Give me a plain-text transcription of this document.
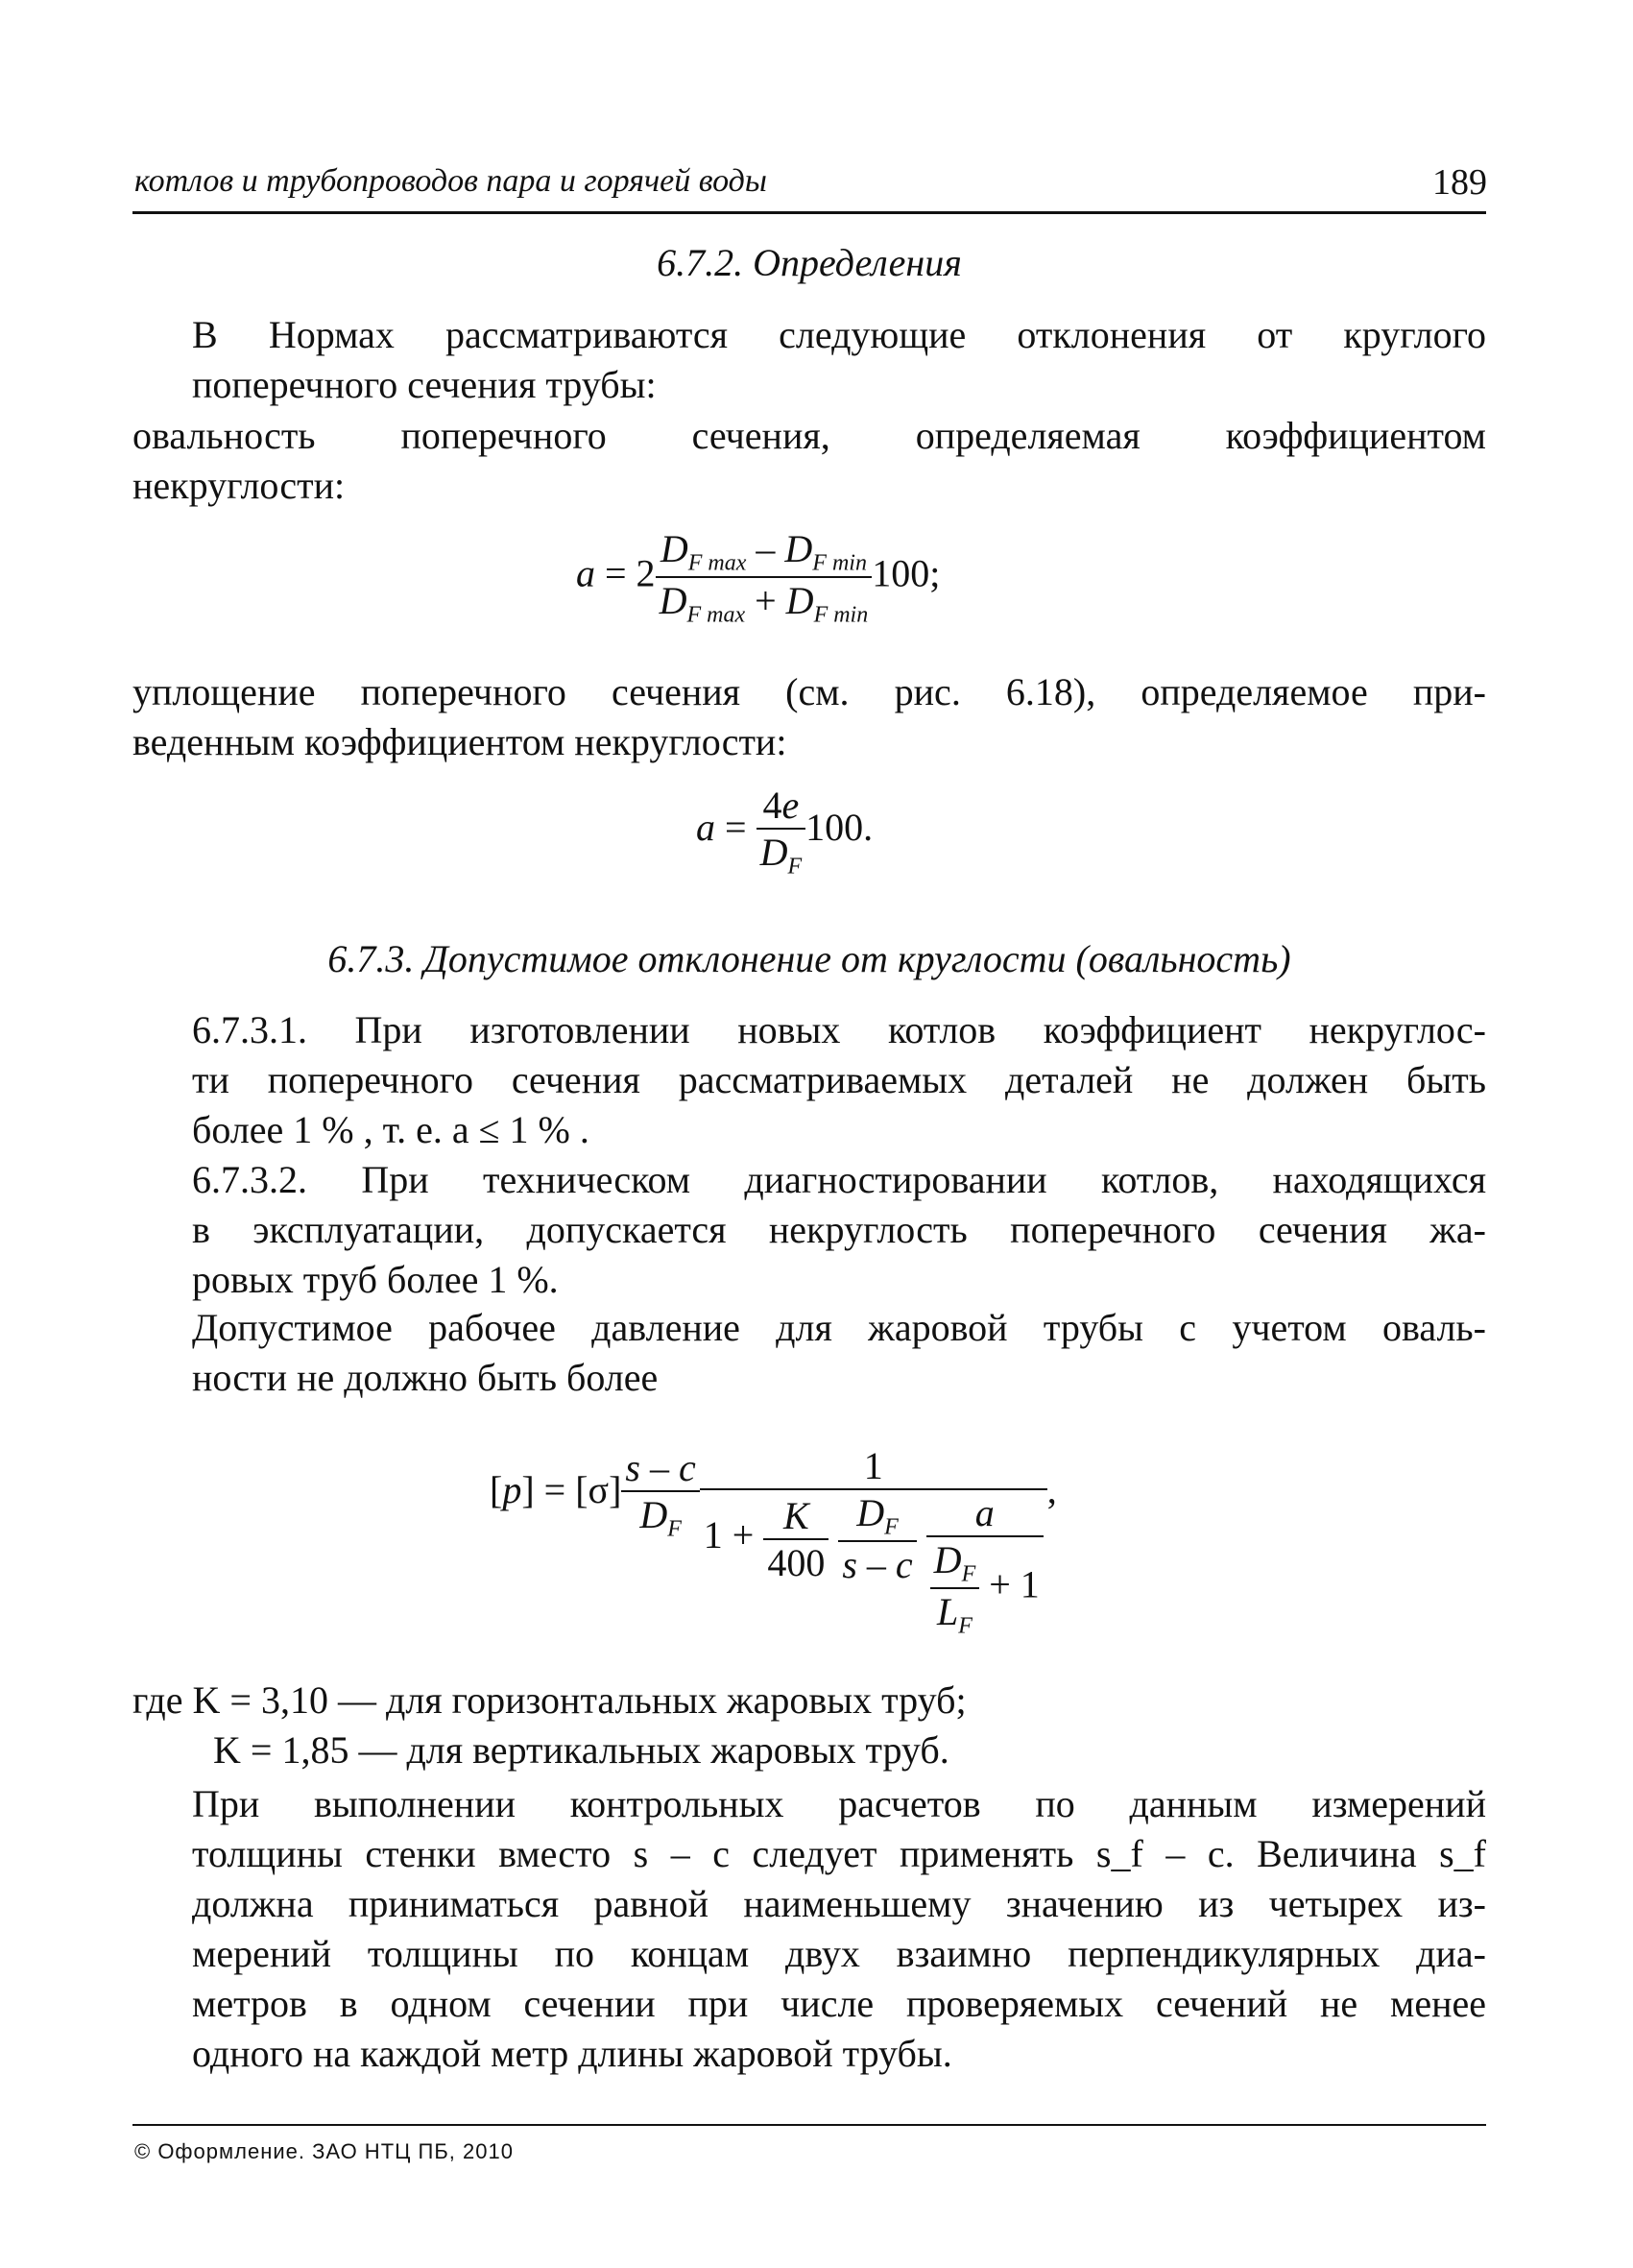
котлов и трубопроводов пара и горячей воды	189
6.7.2. Определения
В Нормах рассматриваются следующие отклонения от круглого
поперечного сечения трубы:
овальность поперечного сечения, определяемая коэффициентом
некруглости:
$a = 2 \frac{D_{F max} - D_{F min}}{D_{F max} + D_{F min}} 100$;
уплощение поперечного сечения (см. рис. 6.18), определяемое при-
веденным коэффициентом некруглости:
$a = \frac{4e}{D_F} 100$.
6.7.3. Допустимое отклонение от круглости (овальность)
6.7.3.1. При изготовлении новых котлов коэффициент некруглос-
ти поперечного сечения рассматриваемых деталей не должен быть
более 1 % , т. е. a ≤ 1 % .
6.7.3.2. При техническом диагностировании котлов, находящихся
в эксплуатации, допускается некруглость поперечного сечения жа-
ровых труб более 1 %.
Допустимое рабочее давление для жаровой трубы с учетом оваль-
ности не должно быть более
$[p] = [\sigma] \frac{s - c}{D_F} 1$
$1 + \frac{K}{400}$
$\frac{D_F}{s - c}$
$\frac{a}{\frac{D_F}{L_F} + 1}$ ,
где K = 3,10 — для горизонтальных жаровых труб;
K = 1,85 — для вертикальных жаровых труб.
При выполнении контрольных расчетов по данным измерений
толщины стенки вместо s – c следует применять s_f – c. Величина s_f
должна приниматься равной наименьшему значению из четырех из-
мерений толщины по концам двух взаимно перпендикулярных диа-
метров в одном сечении при числе проверяемых сечений не менее
одного на каждой метр длины жаровой трубы.
© Оформление. ЗАО НТЦ ПБ, 2010
